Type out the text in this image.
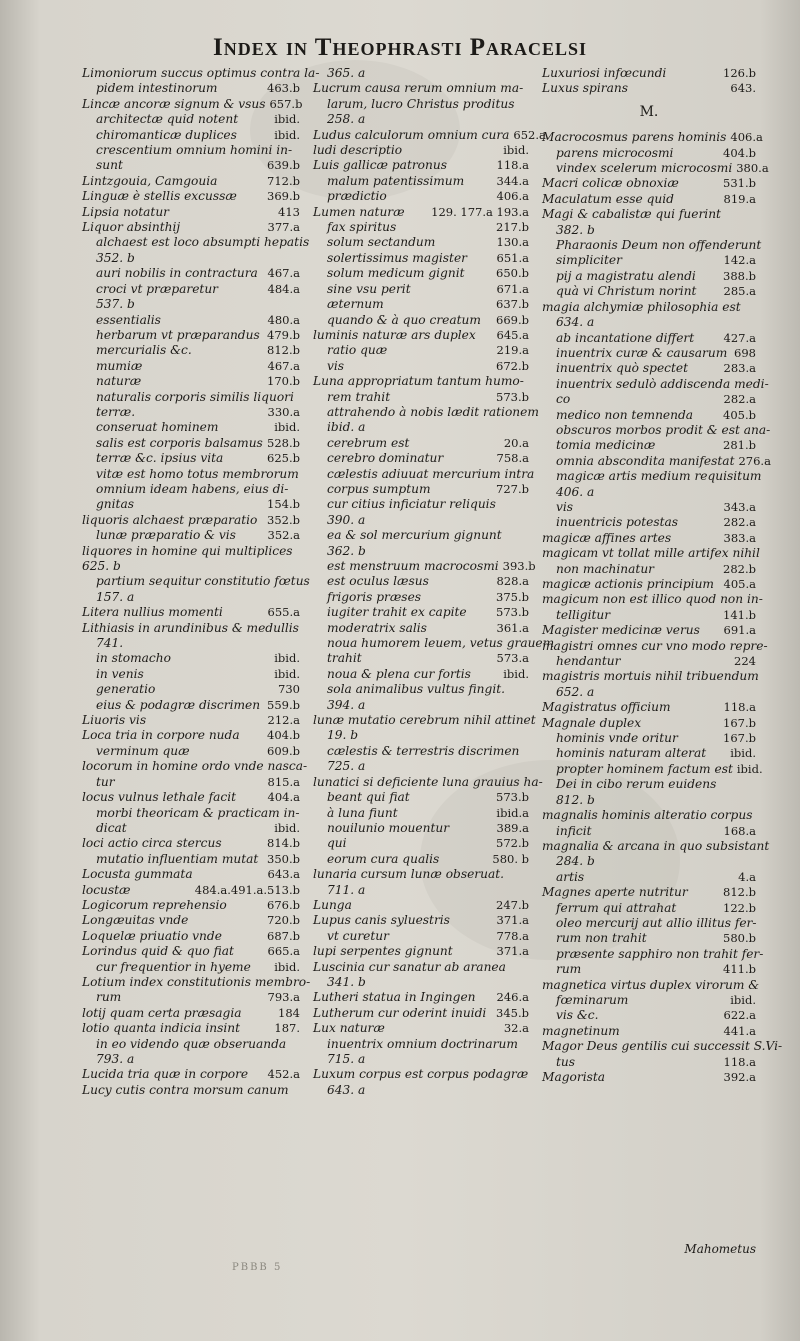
Index in Theophrasti Paracelsi
Limoniorum succus optimus contra la-
pidem intestinorum	463.b
Lincæ ancoræ signum & vsus 657.b
architectæ quid notent	ibid.
chiromanticæ duplices	ibid.
crescentium omnium homini in-
sunt	639.b
Lintzgouia, Camgouia	712.b
Linguæ è stellis excussæ	369.b
Lipsia notatur	413
Liquor absinthij	377.a
alchaest est loco absumpti hepatis
352. b
auri nobilis in contractura 467.a
croci vt præparetur	484.a
537. b
essentialis	480.a
herbarum vt præparandus 479.b
mercurialis &c.	812.b
mumiæ	467.a
naturæ	170.b
naturalis corporis similis liquori
terræ.	330.a
conseruat hominem	ibid.
salis est corporis balsamus 528.b
terræ &c. ipsius vita	625.b
vitæ est homo totus membrorum
omnium ideam habens, eius di-
gnitas	154.b
liquoris alchaest præparatio 352.b
lunæ præparatio & vis	352.a
liquores in homine qui multiplices
625. b
partium sequitur constitutio fœtus
157. a
Litera nullius momenti	655.a
Lithiasis in arundinibus & medullis
741.
in stomacho	ibid.
in venis	ibid.
generatio	730
eius & podagræ discrimen 559.b
Liuoris vis	212.a
Loca tria in corpore nuda 404.b
verminum quæ	609.b
locorum in homine ordo vnde nasca-
tur	815.a
locus vulnus lethale facit	404.a
morbi theoricam & practicam in-
dicat	ibid.
loci actio circa stercus	814.b
mutatio influentiam mutat 350.b
Locusta gummata	643.a
locustæ	484.a.491.a.513.b
Logicorum reprehensio	676.b
Longæuitas vnde	720.b
Loquelæ priuatio vnde	687.b
Lorindus quid & quo fiat	665.a
cur frequentior in hyeme ibid.
Lotium index constitutionis membro-
rum	793.a
lotij quam certa præsagia	184
lotio quanta indicia insint	187.
in eo videndo quæ obseruanda
793. a
Lucida tria quæ in corpore 452.a
Lucy cutis contra morsum canum
365. a
Lucrum causa rerum omnium ma-
larum, lucro Christus proditus
258. a
Ludus calculorum omnium cura 652.a
ludi descriptio	ibid.
Luis gallicæ patronus	118.a
malum patentissimum	344.a
prædictio	406.a
Lumen naturæ 129. 177.a 193.a
fax spiritus	217.b
solum sectandum	130.a
solertissimus magister	651.a
solum medicum gignit	650.b
sine vsu perit	671.a
æternum	637.b
quando & à quo creatum 669.b
luminis naturæ ars duplex 645.a
ratio quæ	219.a
vis	672.b
Luna appropriatum tantum humo-
rem trahit	573.b
attrahendo à nobis lædit rationem
ibid. a
cerebrum est	20.a
cerebro dominatur	758.a
cælestis adiuuat mercurium intra
corpus sumptum	727.b
cur citius inficiatur reliquis
390. a
ea & sol mercurium gignunt
362. b
est menstruum macrocosmi 393.b
est oculus læsus	828.a
frigoris præses	375.b
iugiter trahit ex capite	573.b
moderatrix salis	361.a
noua humorem leuem, vetus grauem
trahit	573.a
noua & plena cur fortis	ibid.
sola animalibus vultus fingit.
394. a
lunæ mutatio cerebrum nihil attinet
19. b
cælestis & terrestris discrimen
725. a
lunatici si deficiente luna grauius ha-
beant qui fiat	573.b
à luna fiunt	ibid.a
nouilunio mouentur	389.a
qui	572.b
eorum cura qualis	580. b
lunaria cursum lunæ obseruat.
711. a
Lunga	247.b
Lupus canis syluestris	371.a
vt curetur	778.a
lupi serpentes gignunt	371.a
Luscinia cur sanatur ab aranea
341. b
Lutheri statua in Ingingen 246.a
Lutherum cur oderint inuidi 345.b
Lux naturæ	32.a
inuentrix omnium doctrinarum
715. a
Luxum corpus est corpus podagræ
643. a
Luxuriosi infœcundi	126.b
Luxus spirans	643.
M.
Macrocosmus parens hominis 406.a
parens microcosmi	404.b
vindex scelerum microcosmi 380.a
Macri colicæ obnoxiæ	531.b
Maculatum esse quid	819.a
Magi & cabalistæ qui fuerint
382. b
Pharaonis Deum non offenderunt
simpliciter	142.a
pij a magistratu alendi 388.b
quà vi Christum norint 285.a
magia alchymiæ philosophia est
634. a
ab incantatione differt	427.a
inuentrix curæ & causarum 698
inuentrix quò spectet	283.a
inuentrix sedulò addiscenda medi-
co	282.a
medico non temnenda	405.b
obscuros morbos prodit & est ana-
tomia medicinæ	281.b
omnia abscondita manifestat 276.a
magicæ artis medium requisitum
406. a
vis	343.a
inuentricis potestas	282.a
magicæ affines artes	383.a
magicam vt tollat mille artifex nihil
non machinatur	282.b
magicæ actionis principium 405.a
magicum non est illico quod non in-
telligitur	141.b
Magister medicinæ verus 691.a
magistri omnes cur vno modo repre-
hendantur	224
magistris mortuis nihil tribuendum
652. a
Magistratus officium	118.a
Magnale duplex	167.b
hominis vnde oritur	167.b
hominis naturam alterat ibid.
propter hominem factum est ibid.
Dei in cibo rerum euidens
812. b
magnalis hominis alteratio corpus
inficit	168.a
magnalia & arcana in quo subsistant
284. b
artis	4.a
Magnes aperte nutritur	812.b
ferrum qui attrahat	122.b
oleo mercurij aut allio illitus fer-
rum non trahit	580.b
præsente sapphiro non trahit fer-
rum	411.b
magnetica virtus duplex virorum &
fœminarum	ibid.
vis &c.	622.a
magnetinum	441.a
Magor Deus gentilis cui successit S.Vi-
tus	118.a
Magorista	392.a
Mahometus
PBBB 5
